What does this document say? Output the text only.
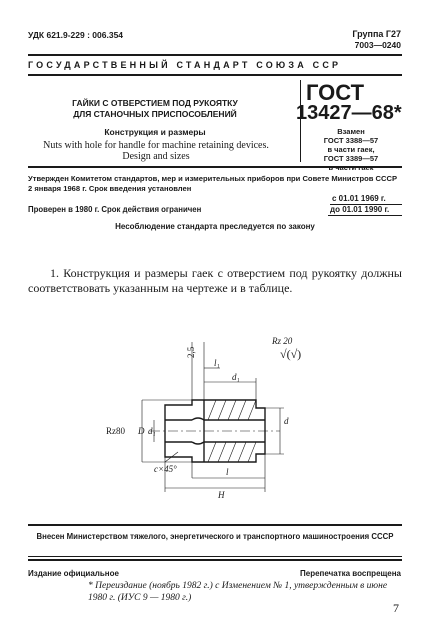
УДК 621.9-229 : 006.354	Группа Г27
7003—0240
ГОСУДАРСТВЕННЫЙ СТАНДАРТ СОЮЗА ССР
ГАЙКИ С ОТВЕРСТИЕМ ПОД РУКОЯТКУ
ДЛЯ СТАНОЧНЫХ ПРИСПОСОБЛЕНИЙ
Конструкция и размеры
Nuts with hole for handle for machine retaining devices.
Design and sizes
ГОСТ
13427—68*
Взамен
ГОСТ 3388—57
в части гаек,
ГОСТ 3389—57
Утвержден Комитетом стандартов, мер и измерительных приборов при Совете Министров СССР 2 января 1968 г. Срок введения установлен
с 01.01 1969 г.
Проверен в 1980 г. Срок действия ограничен	до 01.01 1990 г.
Несоблюдение стандарта преследуется по закону
1. Конструкция и размеры гаек с отверстием под рукоятку должны соответствовать указанным на чертеже и в таблице.
Rz 20
√(√)
2,5
l₁
d₁
d
Rz80 D d₁
c×45°	l
H
Внесен Министерством тяжелого, энергетического и транспортного машиностроения СССР
Издание официальное	Перепечатка воспрещена
* Переиздание (ноябрь 1982 г.) с Изменением № 1, утвержденным в июне 1980 г. (ИУС 9 — 1980 г.)
7
